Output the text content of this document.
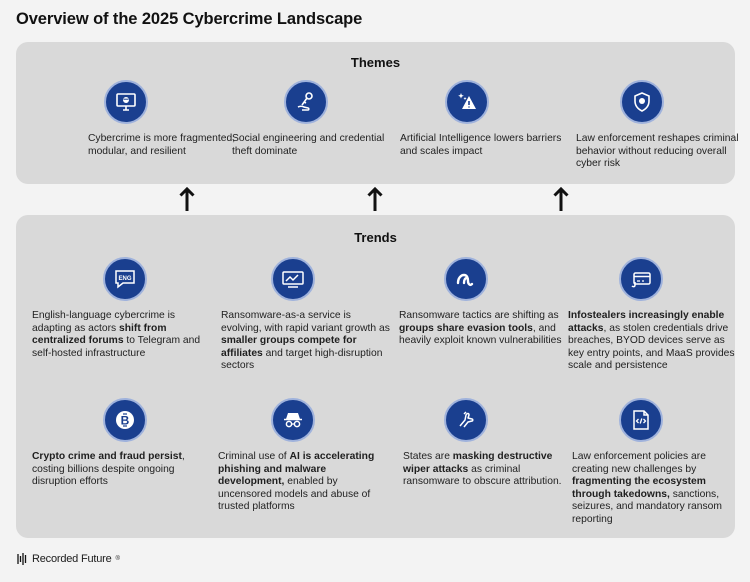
Overview of the 2025 Cybercrime Landscape
Themes
Cybercrime is more fragmented, modular, and resilient
Social engineering and credential theft dominate
Artificial Intelligence lowers barriers and scales impact
Law enforcement reshapes criminal behavior without reducing overall cyber risk
Trends
ENG
English-language cybercrime is adapting as actors shift from centralized forums to Telegram and self-hosted infrastructure
Ransomware-as-a service is evolving, with rapid variant growth as smaller groups compete for affiliates and target high-disruption sectors
Ransomware tactics are shifting as groups share evasion tools, and heavily exploit known vulnerabilities
Infostealers increasingly enable attacks, as stolen credentials drive breaches, BYOD devices serve as key entry points, and MaaS provides scale and persistence
B
Crypto crime and fraud persist, costing billions despite ongoing disruption efforts
Criminal use of AI is accelerating phishing and malware development, enabled by uncensored models and abuse of trusted platforms
States are masking destructive wiper attacks as criminal ransomware to obscure attribution.
Law enforcement policies are creating new challenges by fragmenting the ecosystem through takedowns, sanctions, seizures, and mandatory ransom reporting
Recorded Future ®
